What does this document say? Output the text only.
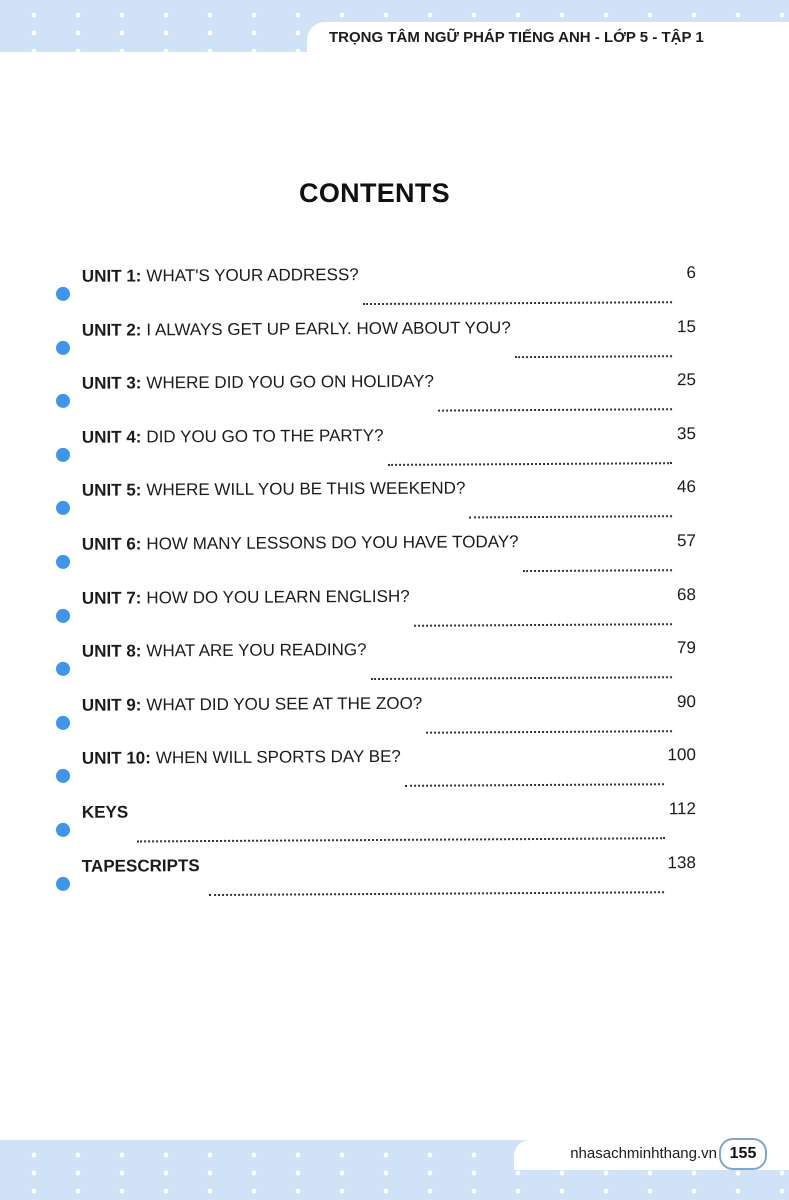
TRỌNG TÂM NGỮ PHÁP TIẾNG ANH - LỚP 5 - TẬP 1
CONTENTS
UNIT 1: WHAT'S YOUR ADDRESS?	6
UNIT 2: I ALWAYS GET UP EARLY. HOW ABOUT YOU?	15
UNIT 3: WHERE DID YOU GO ON HOLIDAY?	25
UNIT 4: DID YOU GO TO THE PARTY?	35
UNIT 5: WHERE WILL YOU BE THIS WEEKEND?	46
UNIT 6: HOW MANY LESSONS DO YOU HAVE TODAY?	57
UNIT 7: HOW DO YOU LEARN ENGLISH?	68
UNIT 8: WHAT ARE YOU READING?	79
UNIT 9: WHAT DID YOU SEE AT THE ZOO?	90
UNIT 10: WHEN WILL SPORTS DAY BE?	100
KEYS	112
TAPESCRIPTS	138
nhasachminhthang.vn 155
